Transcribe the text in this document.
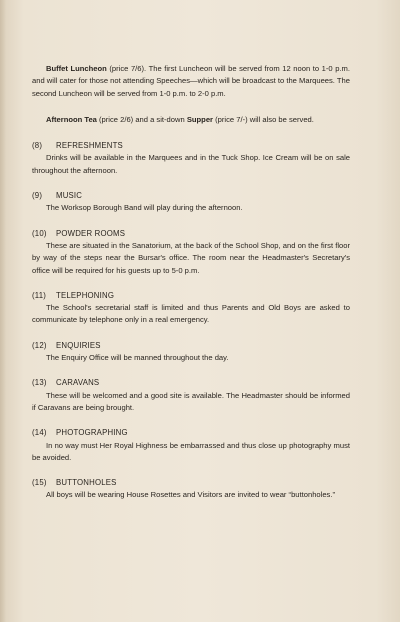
Buffet Luncheon (price 7/6). The first Luncheon will be served from 12 noon to 1-0 p.m. and will cater for those not attending Speeches—which will be broadcast to the Marquees. The second Luncheon will be served from 1-0 p.m. to 2-0 p.m.

Afternoon Tea (price 2/6) and a sit-down Supper (price 7/-) will also be served.

(8) REFRESHMENTS

Drinks will be available in the Marquees and in the Tuck Shop. Ice Cream will be on sale throughout the afternoon.

(9) MUSIC

The Worksop Borough Band will play during the afternoon.

(10) POWDER ROOMS

These are situated in the Sanatorium, at the back of the School Shop, and on the first floor by way of the steps near the Bursar's office. The room near the Headmaster's Secretary's office will be required for his guests up to 5-0 p.m.

(11) TELEPHONING

The School's secretarial staff is limited and thus Parents and Old Boys are asked to communicate by telephone only in a real emergency.

(12) ENQUIRIES

The Enquiry Office will be manned throughout the day.

(13) CARAVANS

These will be welcomed and a good site is available. The Headmaster should be informed if Caravans are being brought.

(14) PHOTOGRAPHING

In no way must Her Royal Highness be embarrassed and thus close up photography must be avoided.

(15) BUTTONHOLES

All boys will be wearing House Rosettes and Visitors are invited to wear “buttonholes.”
